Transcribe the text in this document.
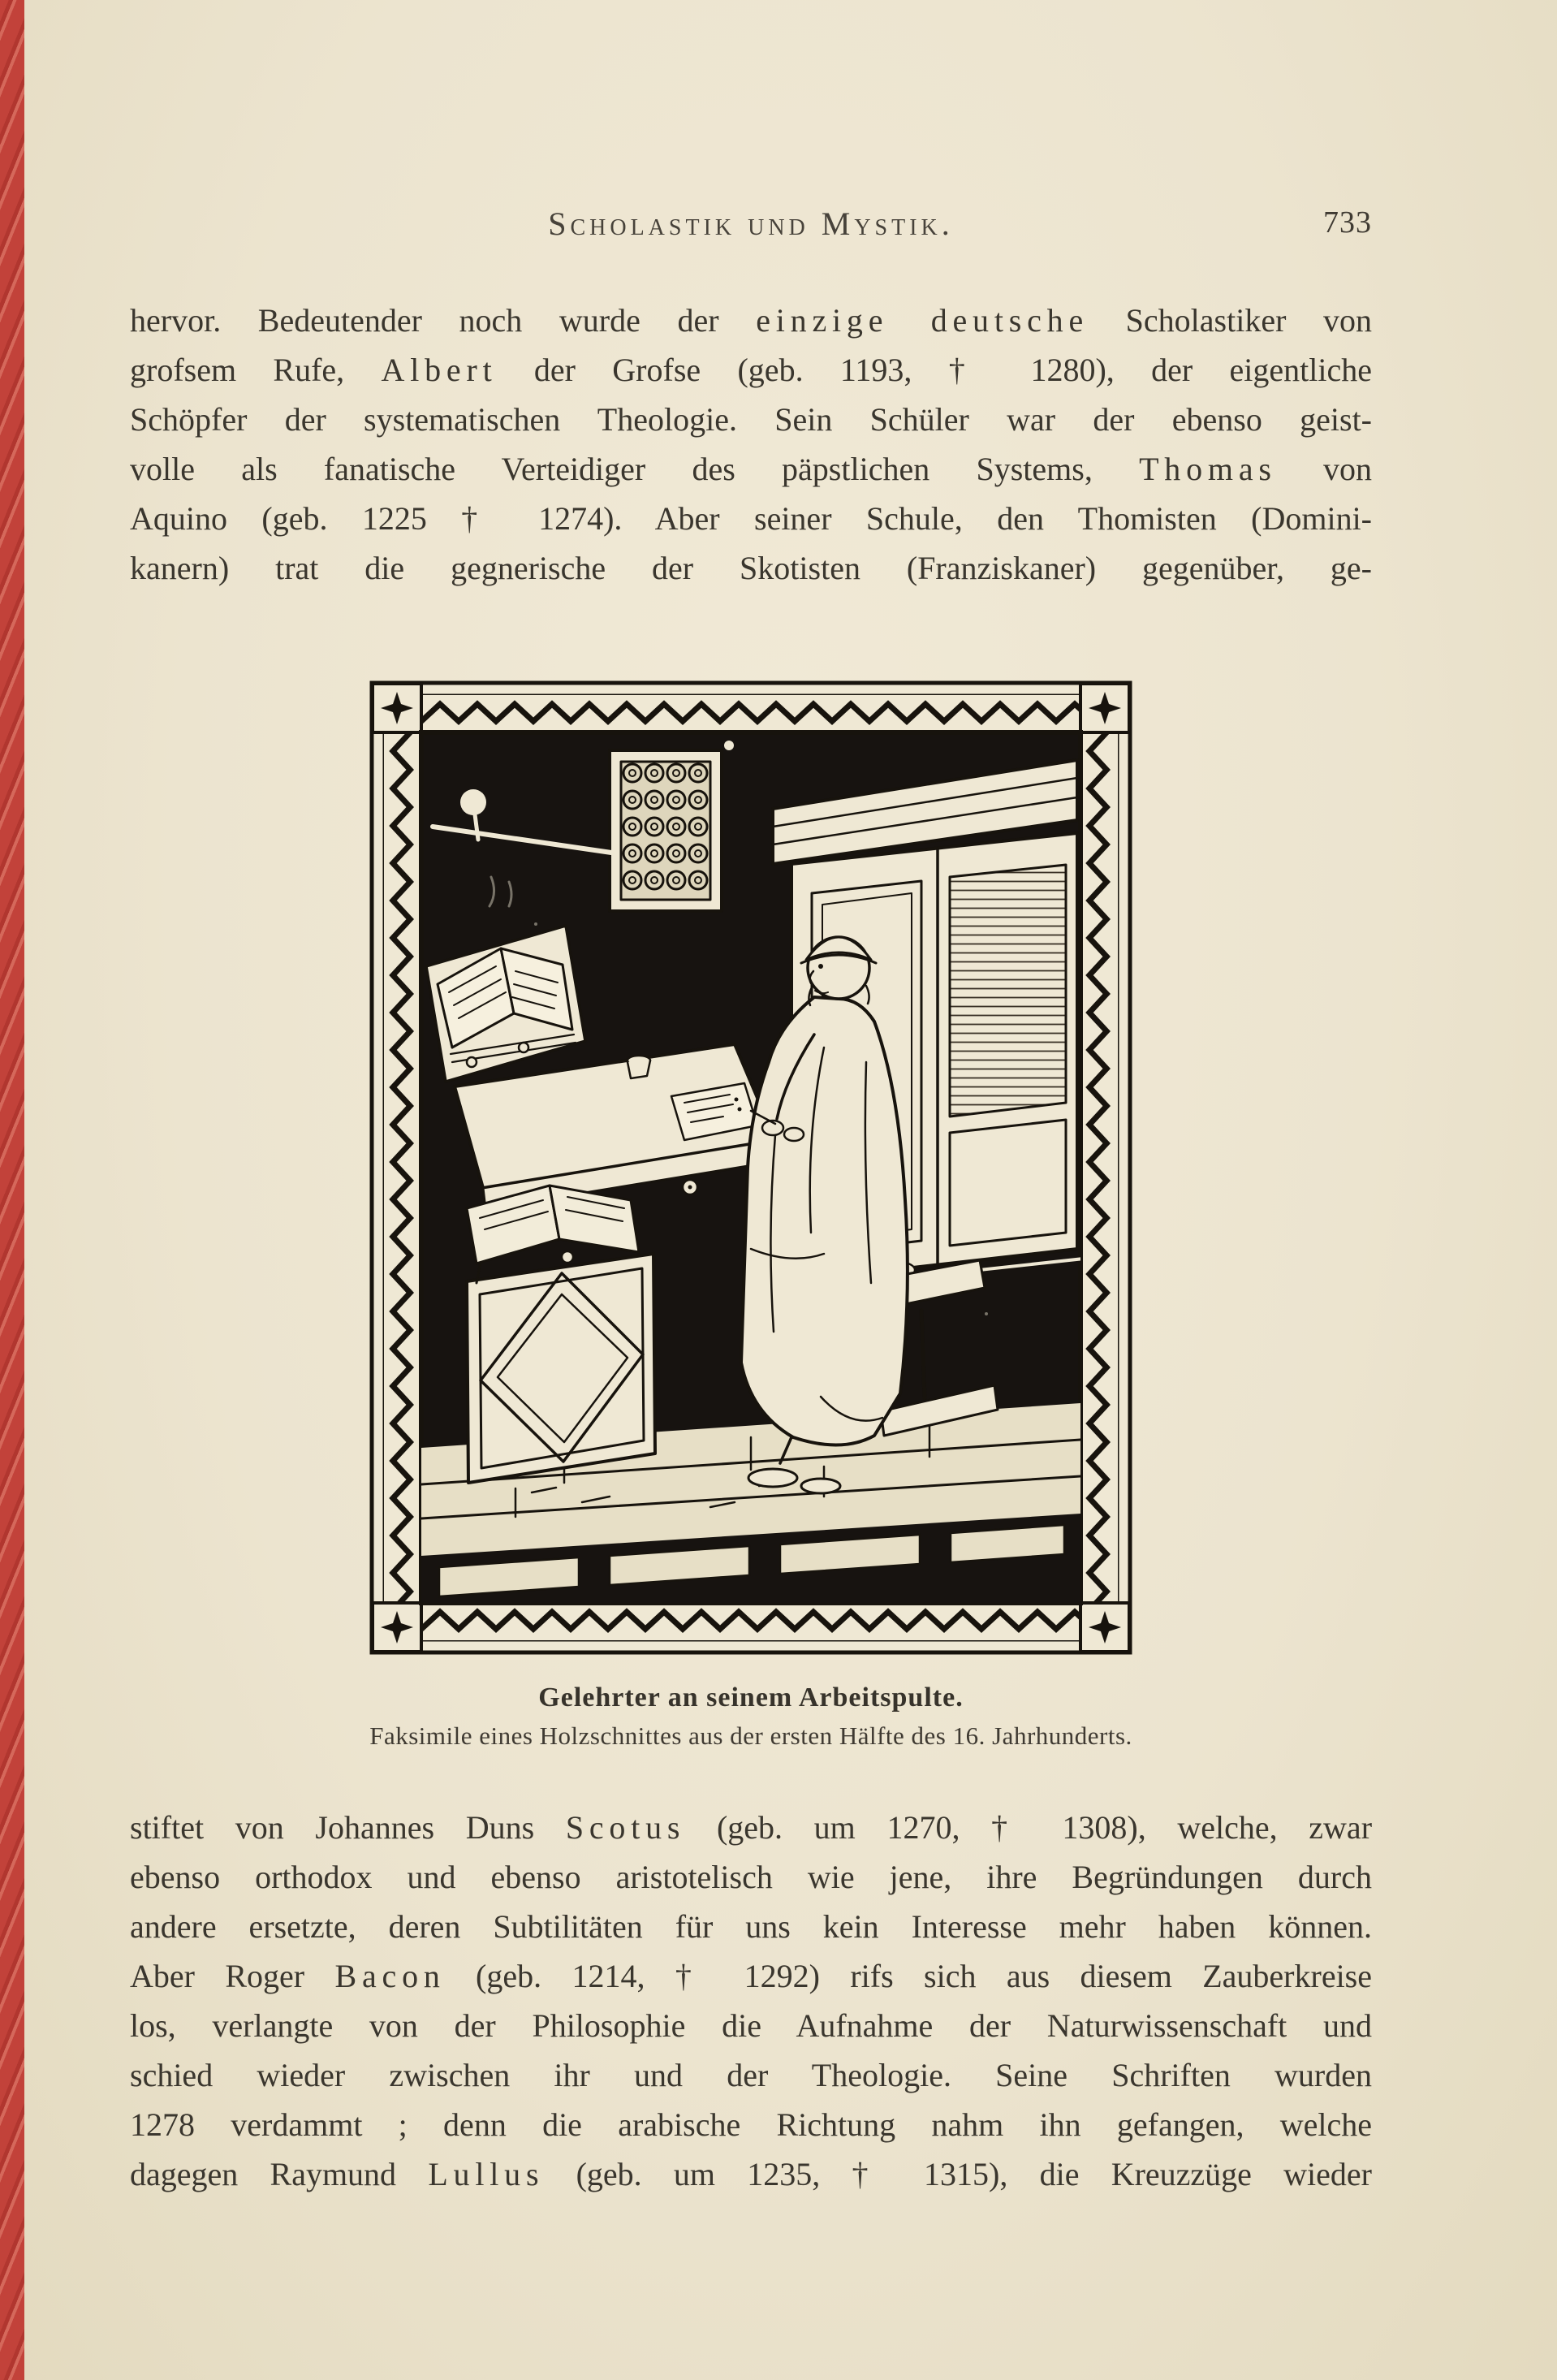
Scholastik und Mystik.	733
hervor. Bedeutender noch wurde der einzige deutsche Scholastiker von
grofsem Rufe, Albert der Grofse (geb. 1193, † 1280), der eigentliche
Schöpfer der systematischen Theologie. Sein Schüler war der ebenso geist-
volle als fanatische Verteidiger des päpstlichen Systems, Thomas von
Aquino (geb. 1225 † 1274). Aber seiner Schule, den Thomisten (Domini-
kanern) trat die gegnerische der Skotisten (Franziskaner) gegenüber, ge-
Gelehrter an seinem Arbeitspulte.
Faksimile eines Holzschnittes aus der ersten Hälfte des 16. Jahrhunderts.
stiftet von Johannes Duns Scotus (geb. um 1270, † 1308), welche, zwar
ebenso orthodox und ebenso aristotelisch wie jene, ihre Begründungen durch
andere ersetzte, deren Subtilitäten für uns kein Interesse mehr haben können.
Aber Roger Bacon (geb. 1214, † 1292) rifs sich aus diesem Zauberkreise
los, verlangte von der Philosophie die Aufnahme der Naturwissenschaft und
schied wieder zwischen ihr und der Theologie. Seine Schriften wurden
1278 verdammt ; denn die arabische Richtung nahm ihn gefangen, welche
dagegen Raymund Lullus (geb. um 1235, † 1315), die Kreuzzüge wieder
